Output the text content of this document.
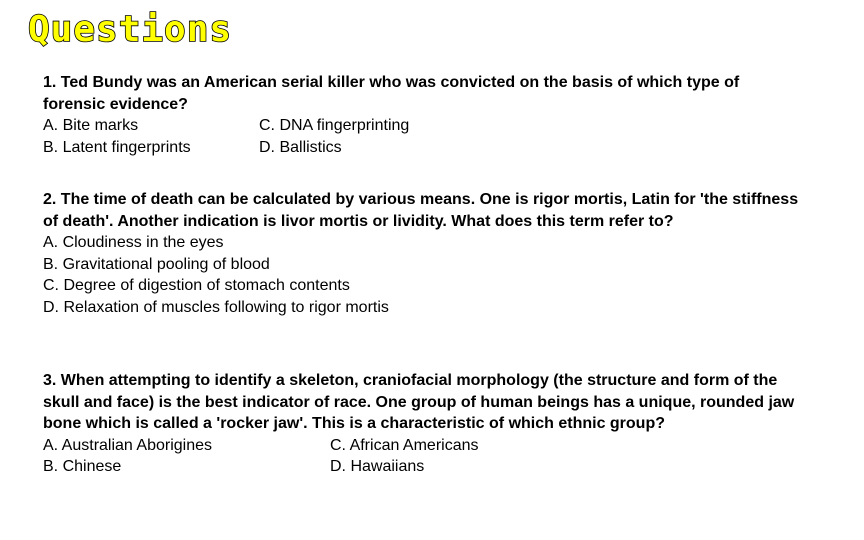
Questions
1. Ted Bundy was an American serial killer who was convicted on the basis of which type of forensic evidence?
A. Bite marks	C. DNA fingerprinting
B. Latent fingerprints	D. Ballistics
2. The time of death can be calculated by various means. One is rigor mortis, Latin for 'the stiffness of death'. Another indication is livor mortis or lividity. What does this term refer to?
A. Cloudiness in the eyes
B. Gravitational pooling of blood
C. Degree of digestion of stomach contents
D. Relaxation of muscles following to rigor mortis
3. When attempting to identify a skeleton, craniofacial morphology (the structure and form of the skull and face) is the best indicator of race. One group of human beings has a unique, rounded jaw bone which is called a 'rocker jaw'. This is a characteristic of which ethnic group?
A. Australian Aborigines	C. African Americans
B. Chinese	D. Hawaiians
